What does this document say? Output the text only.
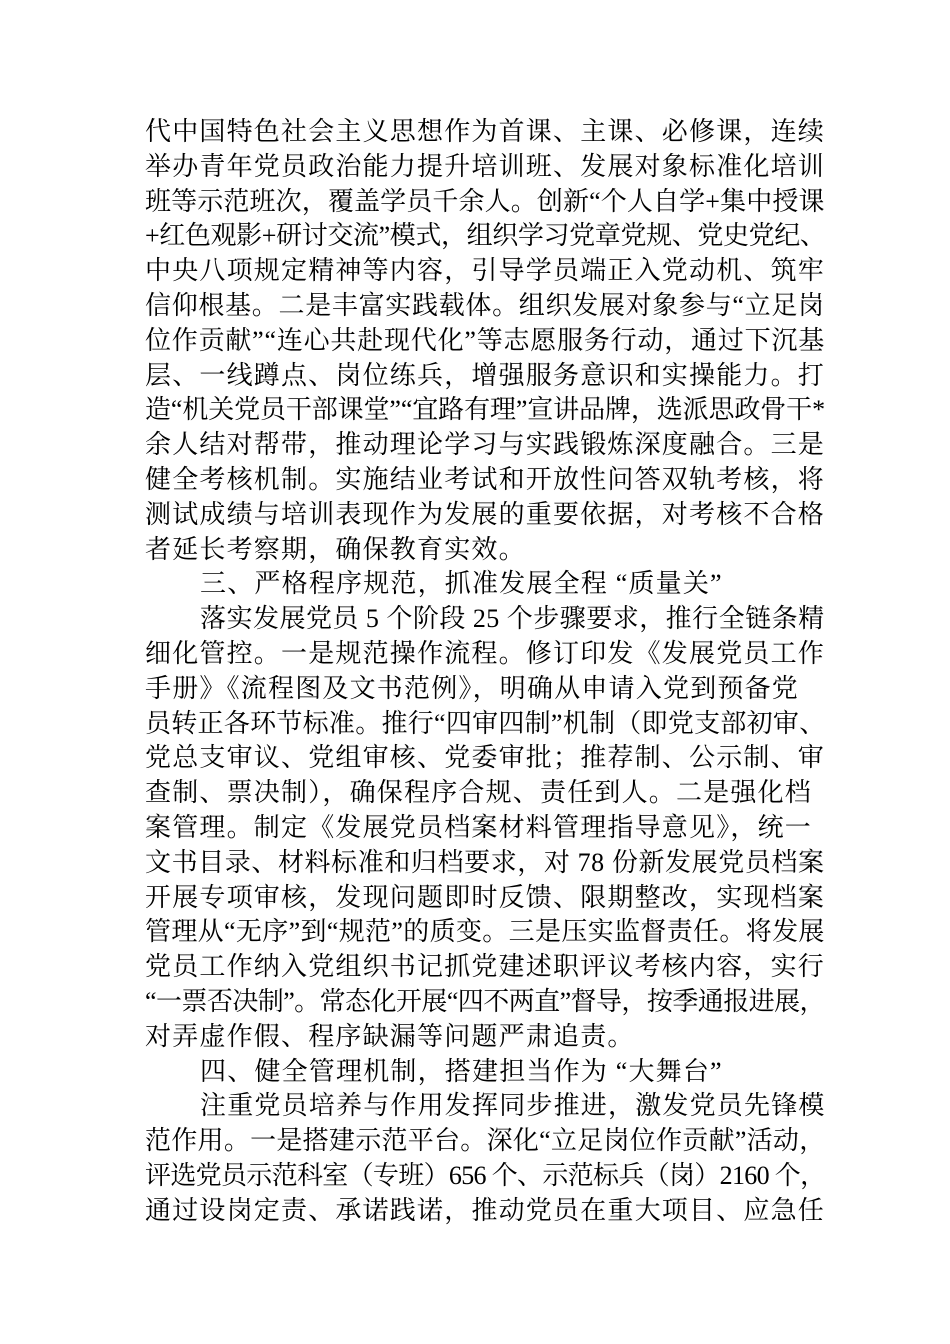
代中国特色社会主义思想作为首课、主课、必修课，连续
举办青年党员政治能力提升培训班、发展对象标准化培训
班等示范班次，覆盖学员千余人。创新“个人自学+集中授课
+红色观影+研讨交流”模式，组织学习党章党规、党史党纪、
中央八项规定精神等内容，引导学员端正入党动机、筑牢
信仰根基。二是丰富实践载体。组织发展对象参与“立足岗
位作贡献”“连心共赴现代化”等志愿服务行动，通过下沉基
层、一线蹲点、岗位练兵，增强服务意识和实操能力。打
造“机关党员干部课堂”“宜路有理”宣讲品牌，选派思政骨干*
余人结对帮带，推动理论学习与实践锻炼深度融合。三是
健全考核机制。实施结业考试和开放性问答双轨考核，将
测试成绩与培训表现作为发展的重要依据，对考核不合格
者延长考察期，确保教育实效。
三、严格程序规范，抓准发展全程 “质量关”
落实发展党员 5 个阶段 25 个步骤要求，推行全链条精
细化管控。一是规范操作流程。修订印发《发展党员工作
手册》《流程图及文书范例》，明确从申请入党到预备党
员转正各环节标准。推行“四审四制”机制（即党支部初审、
党总支审议、党组审核、党委审批；推荐制、公示制、审
查制、票决制），确保程序合规、责任到人。二是强化档
案管理。制定《发展党员档案材料管理指导意见》，统一
文书目录、材料标准和归档要求，对 78 份新发展党员档案
开展专项审核，发现问题即时反馈、限期整改，实现档案
管理从“无序”到“规范”的质变。三是压实监督责任。将发展
党员工作纳入党组织书记抓党建述职评议考核内容，实行
“一票否决制”。常态化开展“四不两直”督导，按季通报进展，
对弄虚作假、程序缺漏等问题严肃追责。
四、健全管理机制，搭建担当作为 “大舞台”
注重党员培养与作用发挥同步推进，激发党员先锋模
范作用。一是搭建示范平台。深化“立足岗位作贡献”活动，
评选党员示范科室（专班）656 个、示范标兵（岗）2160 个，
通过设岗定责、承诺践诺，推动党员在重大项目、应急任
